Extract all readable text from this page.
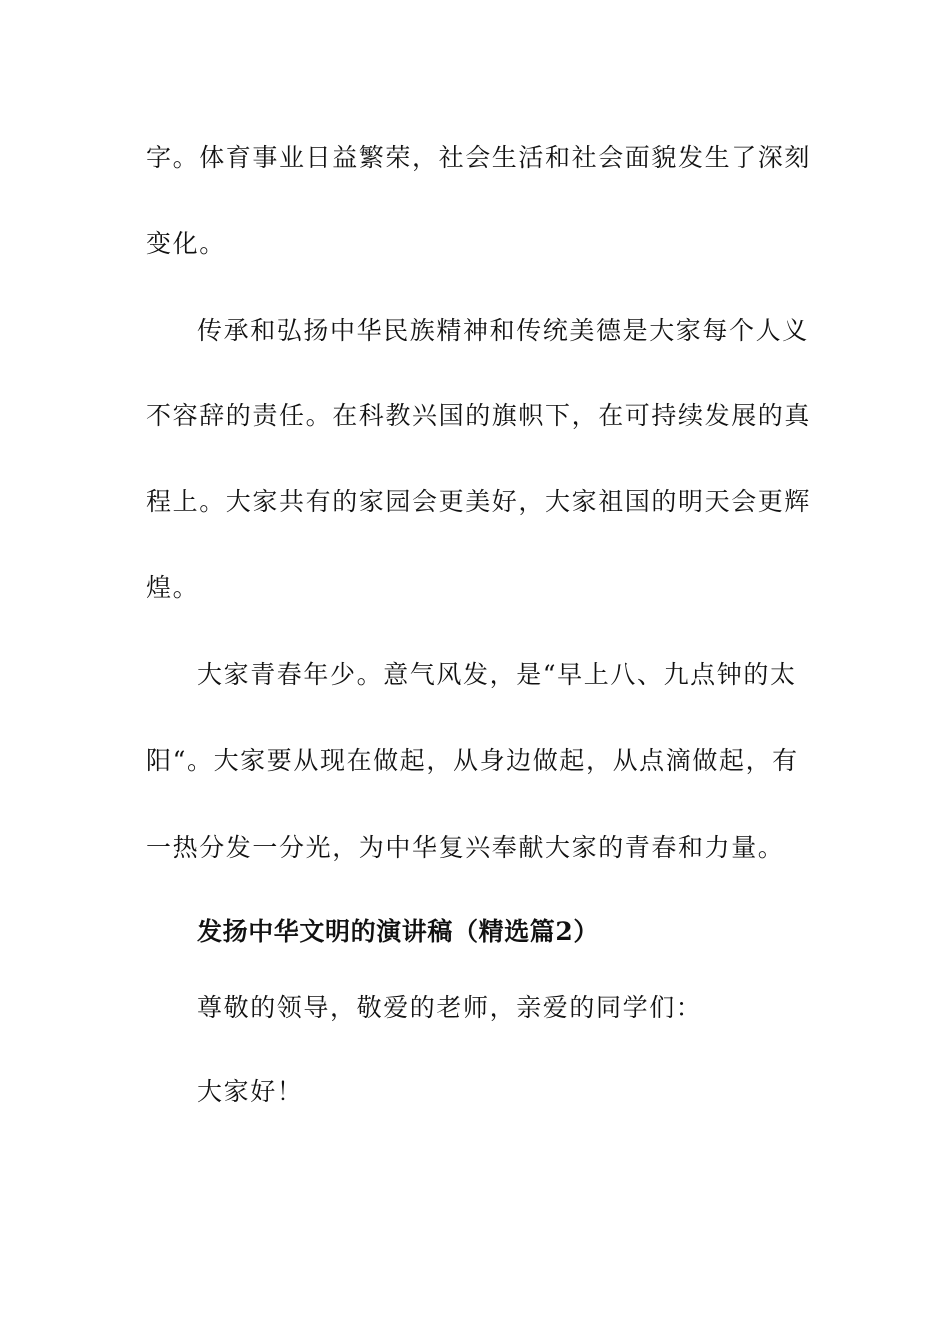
字。体育事业日益繁荣，社会生活和社会面貌发生了深刻
变化。
传承和弘扬中华民族精神和传统美德是大家每个人义
不容辞的责任。在科教兴国的旗帜下，在可持续发展的真
程上。大家共有的家园会更美好，大家祖国的明天会更辉
煌。
大家青春年少。意气风发，是“早上八、九点钟的太
阳“。大家要从现在做起，从身边做起，从点滴做起，有
一热分发一分光，为中华复兴奉献大家的青春和力量。
发扬中华文明的演讲稿（精选篇2）
尊敬的领导，敬爱的老师，亲爱的同学们：
大家好！
